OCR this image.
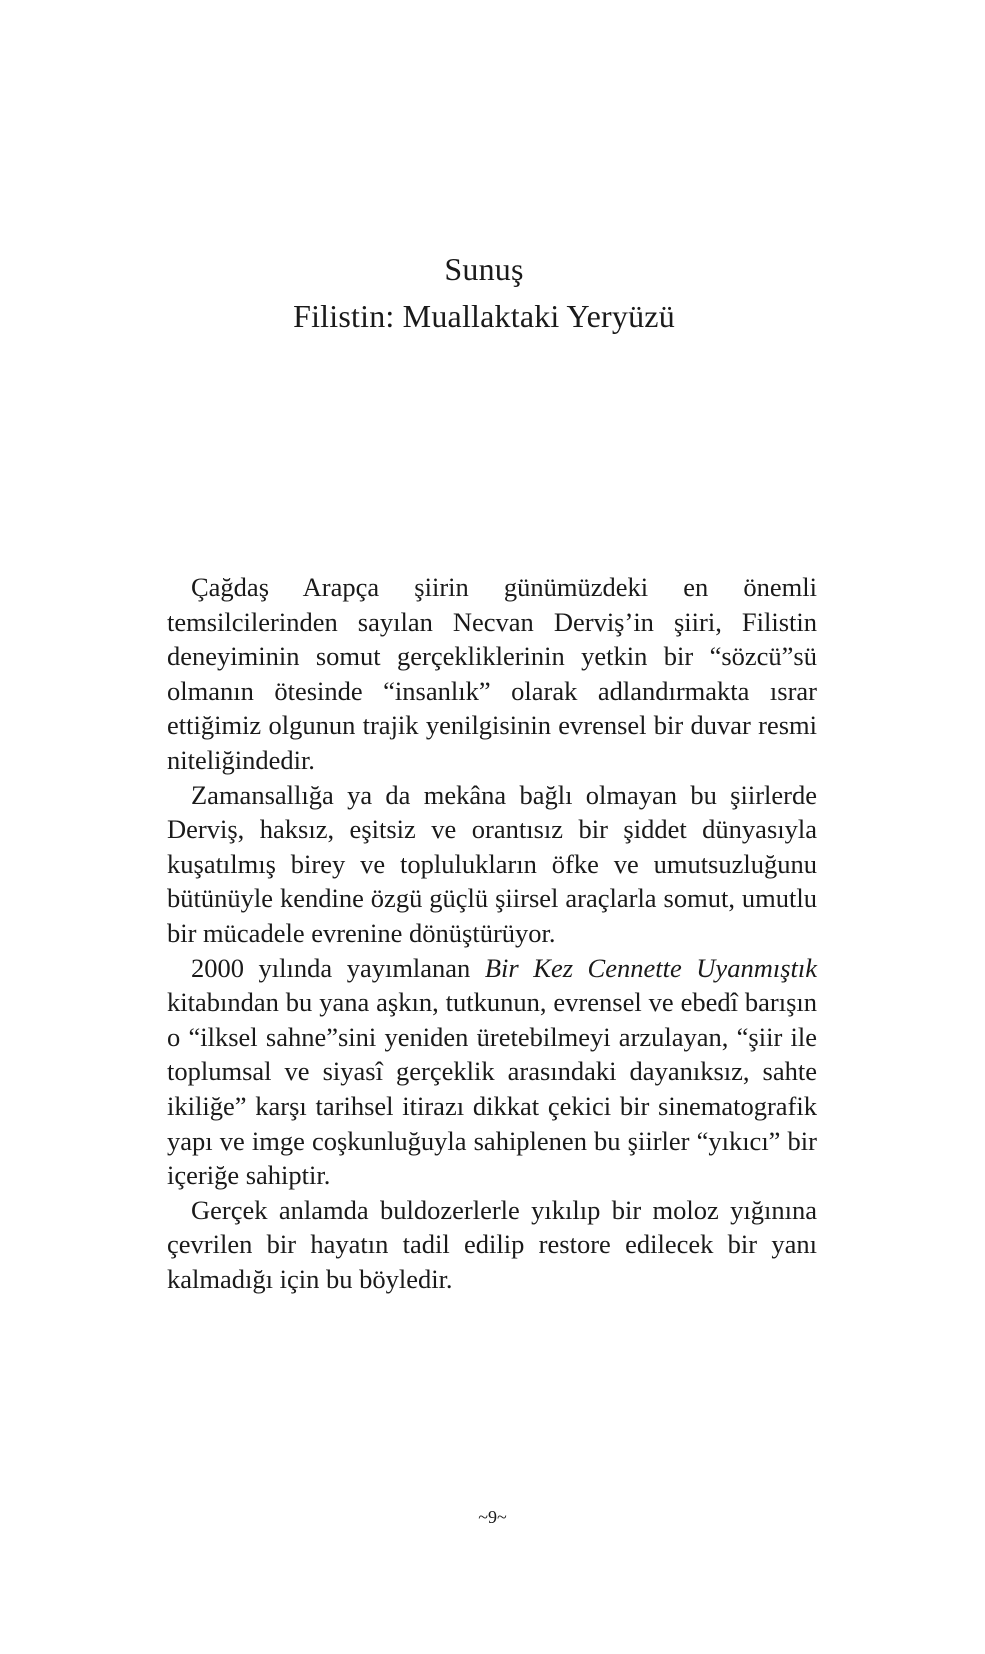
Sunuş
Filistin: Muallaktaki Yeryüzü

Çağdaş Arapça şiirin günümüzdeki en önemli temsilcilerinden sayılan Necvan Derviş’in şiiri, Filistin deneyiminin somut gerçekliklerinin yetkin bir “sözcü”sü olmanın ötesinde “insanlık” olarak adlandırmakta ısrar ettiğimiz olgunun trajik yenilgisinin evrensel bir duvar resmi niteliğindedir.

Zamansallığa ya da mekâna bağlı olmayan bu şiirlerde Derviş, haksız, eşitsiz ve orantısız bir şiddet dünyasıyla kuşatılmış birey ve toplulukların öfke ve umutsuzluğunu bütünüyle kendine özgü güçlü şiirsel araçlarla somut, umutlu bir mücadele evrenine dönüştürüyor.

2000 yılında yayımlanan Bir Kez Cennette Uyanmıştık kitabından bu yana aşkın, tutkunun, evrensel ve ebedî barışın o “ilksel sahne”sini yeniden üretebilmeyi arzulayan, “şiir ile toplumsal ve siyasî gerçeklik arasındaki dayanıksız, sahte ikiliğe” karşı tarihsel itirazı dikkat çekici bir sinematografik yapı ve imge coşkunluğuyla sahiplenen bu şiirler “yıkıcı” bir içeriğe sahiptir.

Gerçek anlamda buldozerlerle yıkılıp bir moloz yığınına çevrilen bir hayatın tadil edilip restore edilecek bir yanı kalmadığı için bu böyledir.

~9~
